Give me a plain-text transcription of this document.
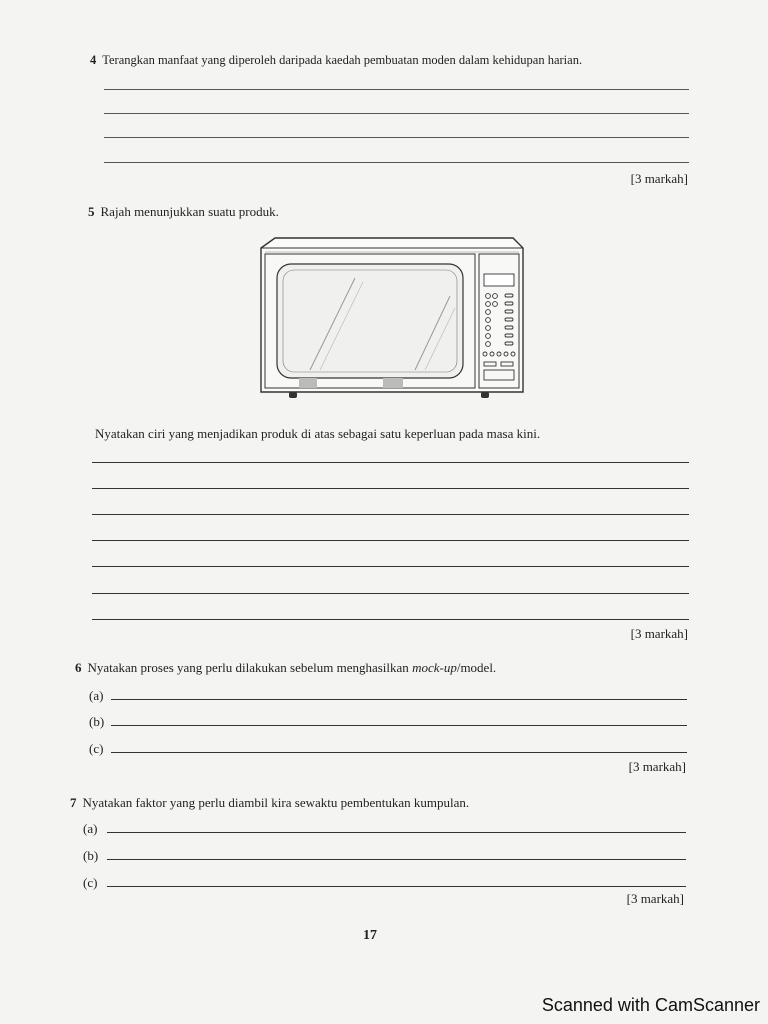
4 Terangkan manfaat yang diperoleh daripada kaedah pembuatan moden dalam kehidupan harian.
[3 markah]
5 Rajah menunjukkan suatu produk.
Nyatakan ciri yang menjadikan produk di atas sebagai satu keperluan pada masa kini.
[3 markah]
6 Nyatakan proses yang perlu dilakukan sebelum menghasilkan mock-up/model.
(a)
(b)
(c)
[3 markah]
7 Nyatakan faktor yang perlu diambil kira sewaktu pembentukan kumpulan.
(a)
(b)
(c)
[3 markah]
17
Scanned with CamScanner
